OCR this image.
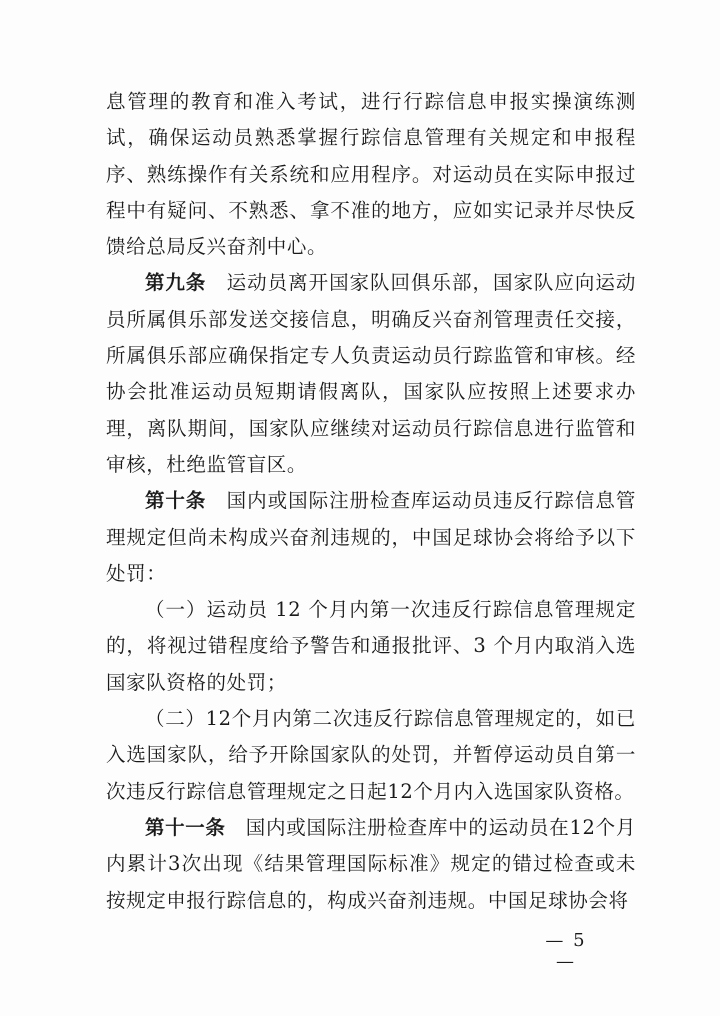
息管理的教育和准入考试，进行行踪信息申报实操演练测试，确保运动员熟悉掌握行踪信息管理有关规定和申报程序、熟练操作有关系统和应用程序。对运动员在实际申报过程中有疑问、不熟悉、拿不准的地方，应如实记录并尽快反馈给总局反兴奋剂中心。

第九条  运动员离开国家队回俱乐部，国家队应向运动员所属俱乐部发送交接信息，明确反兴奋剂管理责任交接，所属俱乐部应确保指定专人负责运动员行踪监管和审核。经协会批准运动员短期请假离队，国家队应按照上述要求办理，离队期间，国家队应继续对运动员行踪信息进行监管和审核，杜绝监管盲区。

第十条  国内或国际注册检查库运动员违反行踪信息管理规定但尚未构成兴奋剂违规的，中国足球协会将给予以下处罚：

（一）运动员 12 个月内第一次违反行踪信息管理规定的，将视过错程度给予警告和通报批评、3 个月内取消入选国家队资格的处罚；

（二）12个月内第二次违反行踪信息管理规定的，如已入选国家队，给予开除国家队的处罚，并暂停运动员自第一次违反行踪信息管理规定之日起12个月内入选国家队资格。

第十一条  国内或国际注册检查库中的运动员在12个月内累计3次出现《结果管理国际标准》规定的错过检查或未按规定申报行踪信息的，构成兴奋剂违规。中国足球协会将

— 5 —
